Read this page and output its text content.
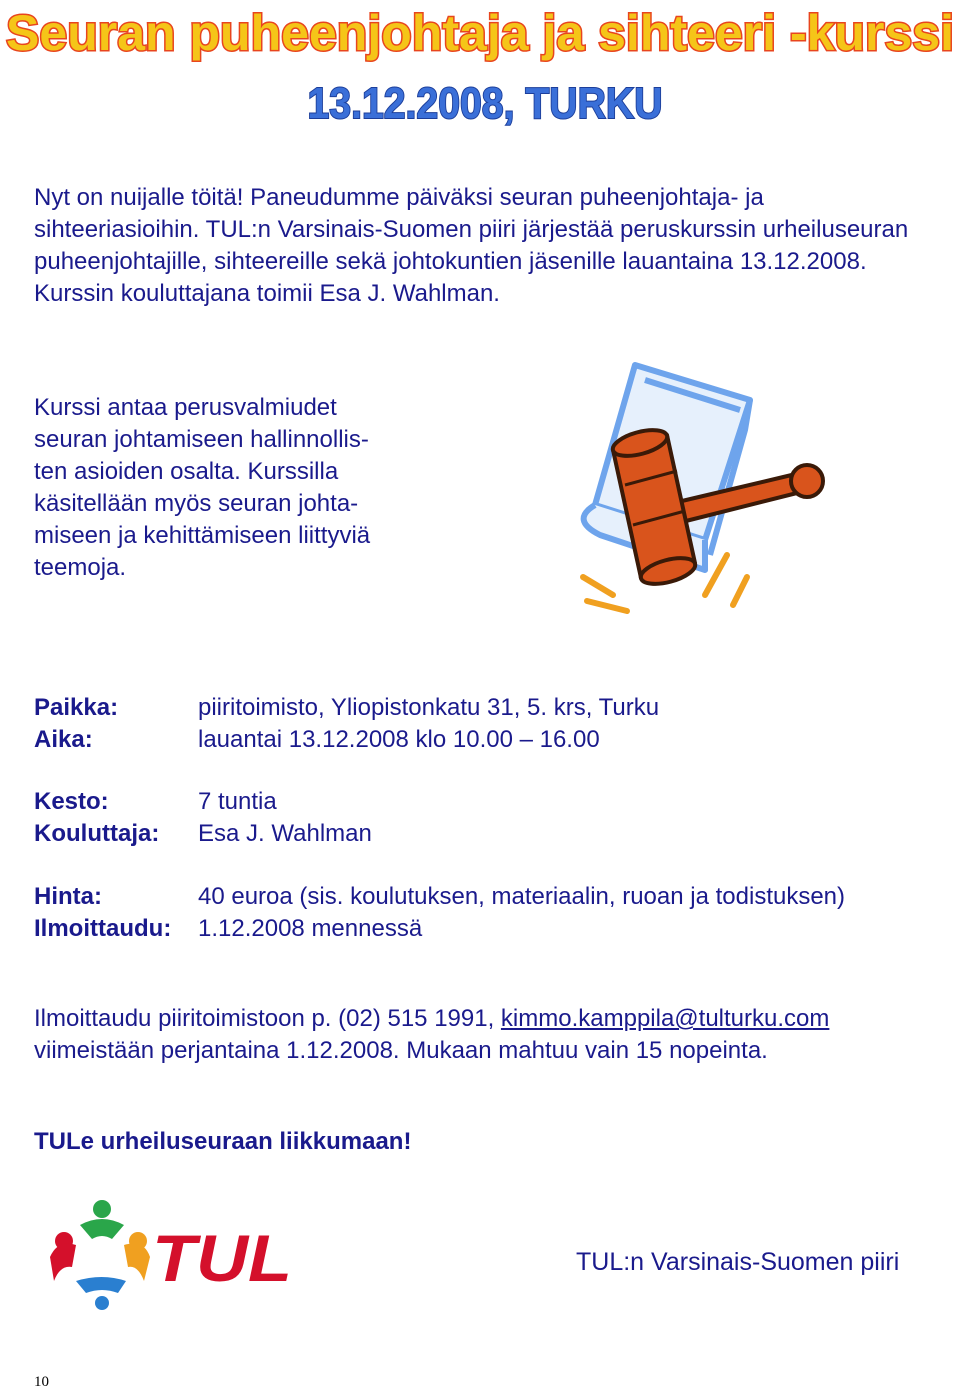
Seuran puheenjohtaja ja sihteeri -kurssi
13.12.2008, TURKU

Nyt on nuijalle töitä! Paneudumme päiväksi seuran puheenjohtaja- ja sihteeriasioihin. TUL:n Varsinais-Suomen piiri järjestää peruskurssin urheiluseuran puheenjohtajille, sihteereille sekä johtokuntien jäsenille lauantaina 13.12.2008. Kurssin kouluttajana toimii Esa J. Wahlman.

Kurssi antaa perusvalmiudet
seuran johtamiseen hallinnollis-
ten asioiden osalta. Kurssilla
käsitellään myös seuran johta-
miseen ja kehittämiseen liittyviä
teemoja.
Paikka:	piiritoimisto, Yliopistonkatu 31, 5. krs, Turku
Aika:	lauantai 13.12.2008 klo 10.00 – 16.00
Kesto:	7 tuntia
Kouluttaja: Esa J. Wahlman
Hinta:	40 euroa (sis. koulutuksen, materiaalin, ruoan ja todistuksen)
Ilmoittaudu: 1.12.2008 mennessä
Ilmoittaudu piiritoimistoon p. (02) 515 1991, kimmo.kamppila@tulturku.com
viimeistään perjantaina 1.12.2008. Mukaan mahtuu vain 15 nopeinta.
TULe urheiluseuraan liikkumaan!
TUL	TUL:n Varsinais-Suomen piiri
10
